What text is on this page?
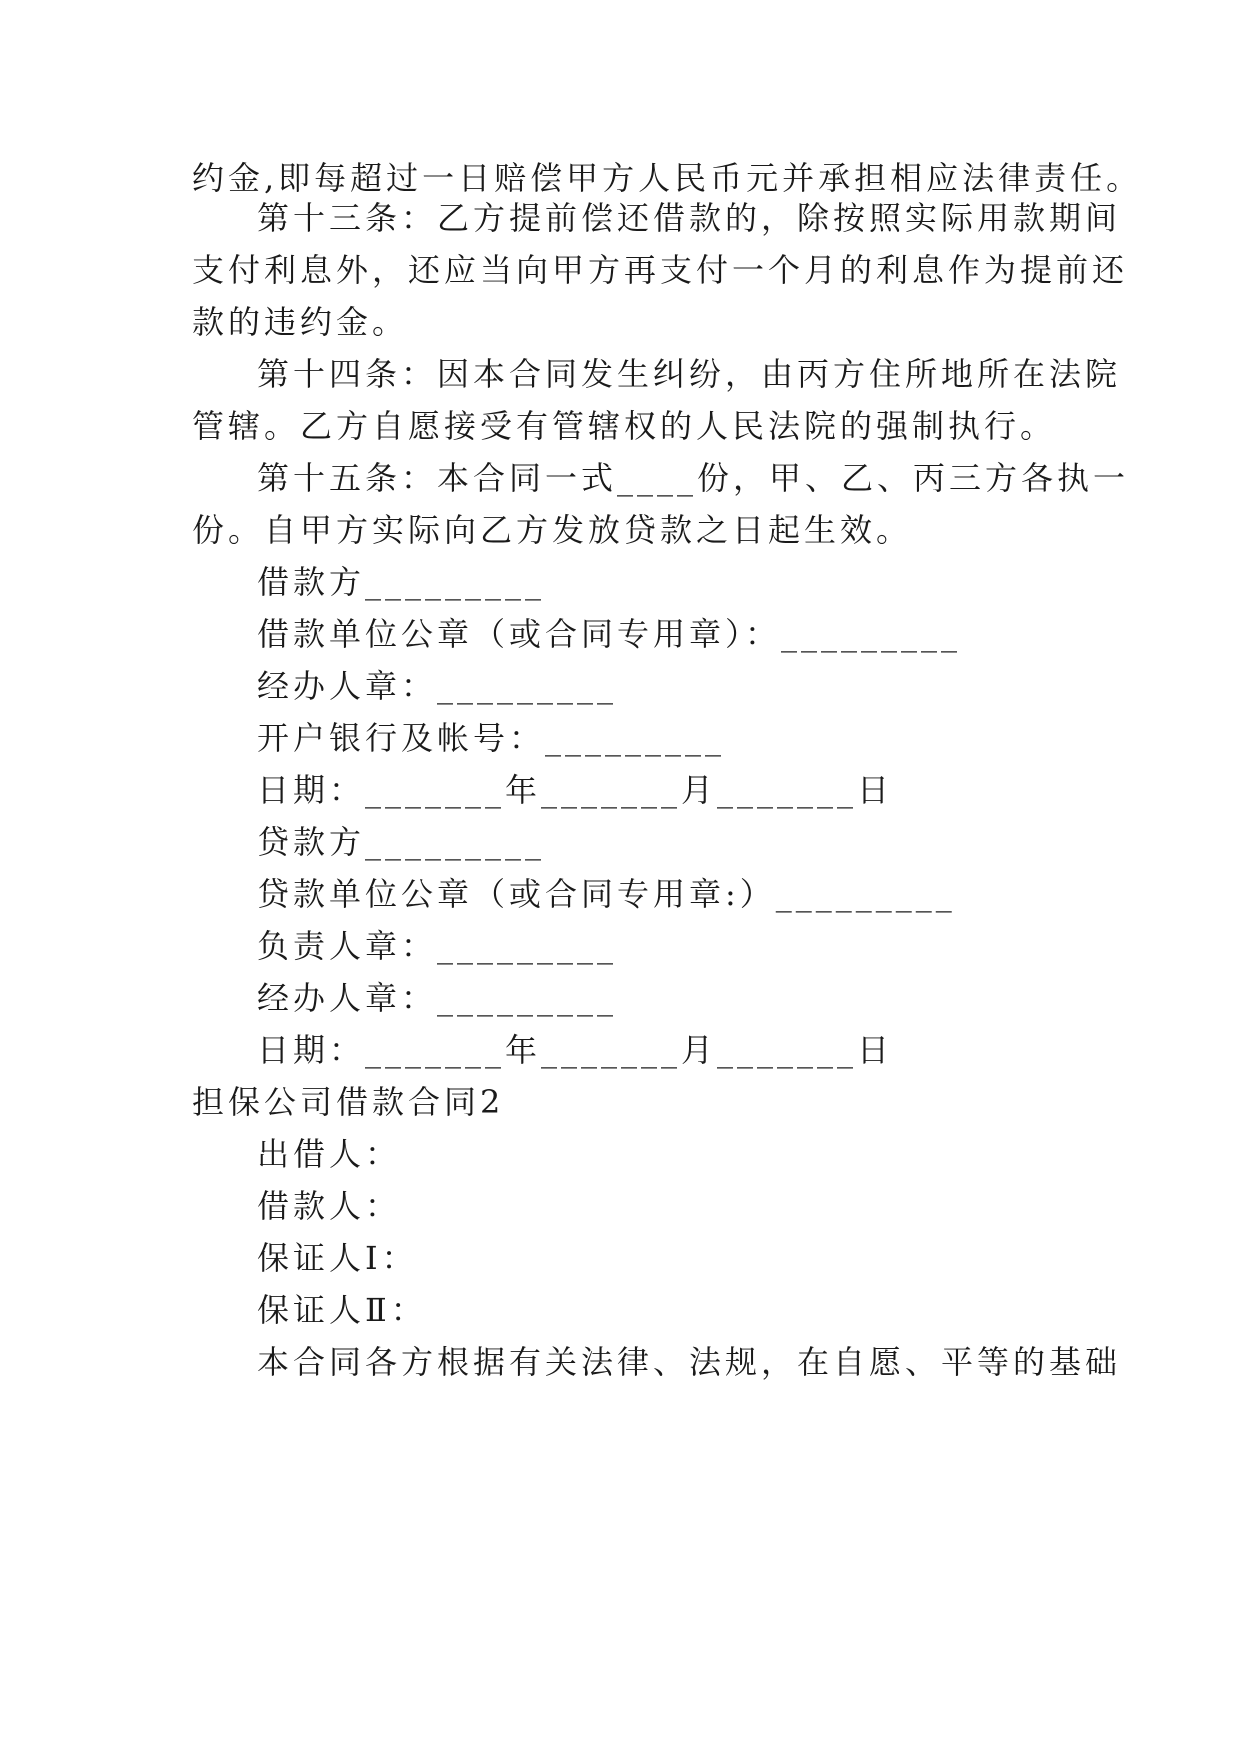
约金,即每超过一日赔偿甲方人民币元并承担相应法律责任。
第十三条：乙方提前偿还借款的，除按照实际用款期间
支付利息外，还应当向甲方再支付一个月的利息作为提前还
款的违约金。
第十四条：因本合同发生纠纷，由丙方住所地所在法院
管辖。乙方自愿接受有管辖权的人民法院的强制执行。
第十五条：本合同一式____份，甲、乙、丙三方各执一
份。自甲方实际向乙方发放贷款之日起生效。
借款方_________
借款单位公章（或合同专用章）：_________
经办人章：_________
开户银行及帐号：_________
日期：_______年_______月_______日
贷款方_________
贷款单位公章（或合同专用章:）_________
负责人章：_________
经办人章：_________
日期：_______年_______月_______日
担保公司借款合同2
出借人：
借款人：
保证人Ⅰ：
保证人Ⅱ：
本合同各方根据有关法律、法规，在自愿、平等的基础
